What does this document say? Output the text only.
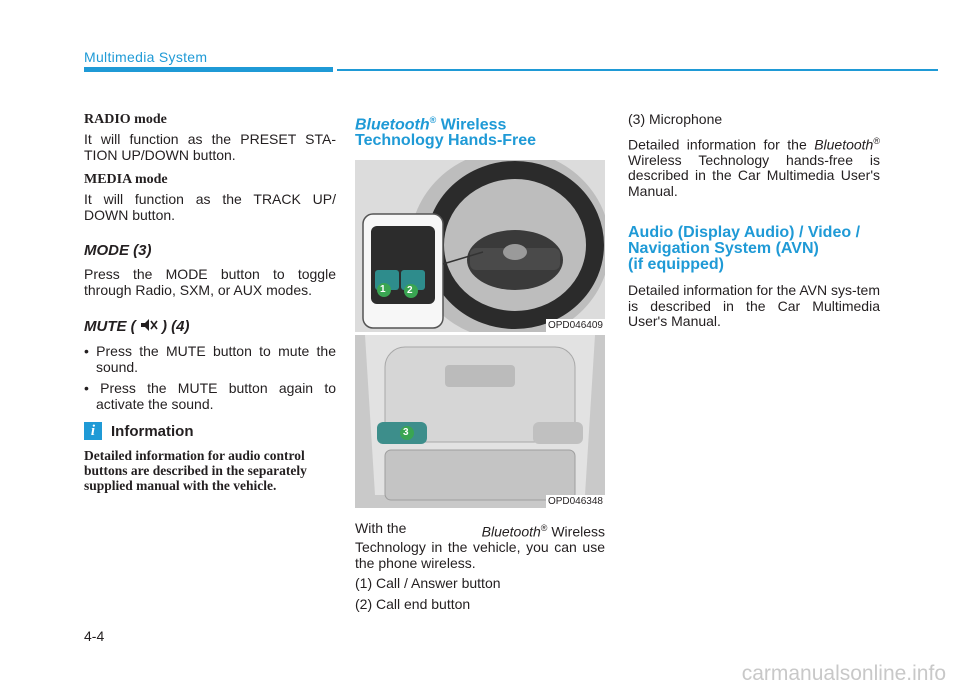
Multimedia System
RADIO mode

It will function as the PRESET STA-TION UP/DOWN button.

MEDIA mode

It will function as the TRACK UP/ DOWN button.

MODE (3)

Press the MODE button to toggle through Radio, SXM, or AUX modes.

MUTE ( ) (4)
• Press the MUTE button to mute the sound.
• Press the MUTE button again to activate the sound.
i	Information
Detailed information for audio control buttons are described in the separately supplied manual with the vehicle.
Bluetooth® Wireless
Technology Hands-Free
1 2
OPD046409
3
OPD046348

With the	Bluetooth® Wireless

Technology in the vehicle, you can use the phone wireless.

(1) Call / Answer button

(2) Call end button

(3) Microphone

Detailed information for the Bluetooth® Wireless Technology hands-free is described in the Car Multimedia User's Manual.

Audio (Display Audio) / Video /
Navigation System (AVN)
(if equipped)

Detailed information for the AVN sys-tem is described in the Car Multimedia User's Manual.

4-4
carmanualsonline.info
